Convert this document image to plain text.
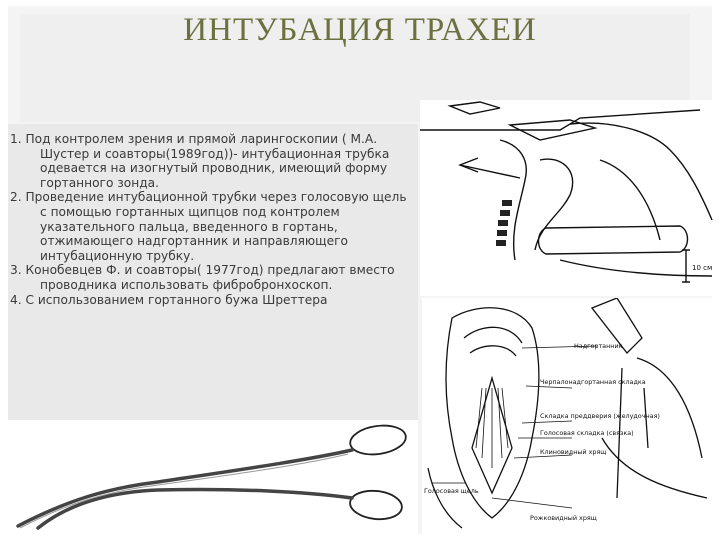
ИНТУБАЦИЯ ТРАХЕИ
1. Под контролем зрения и прямой ларингоскопии ( М.А. Шустер и соавторы(1989год))- интубационная трубка одевается на изогнутый проводник, имеющий форму гортанного зонда.
2. Проведение интубационной трубки через голосовую щель с помощью гортанных щипцов под контролем указательного пальца, введенного в гортань, отжимающего надгортанник и направляющего интубационную трубку.
3. Конобевцев Ф. и соавторы( 1977год) предлагают вместо проводника использовать фибробронхоскоп.
4. С использованием гортанного бужа Шреттера
10 см
Надгортанник
Черпалонадгортанная складка
Складка преддверия (желудочная)
Голосовая складка (связка)
Клиновидный хрящ
Голосовая щель
Рожковидный хрящ
